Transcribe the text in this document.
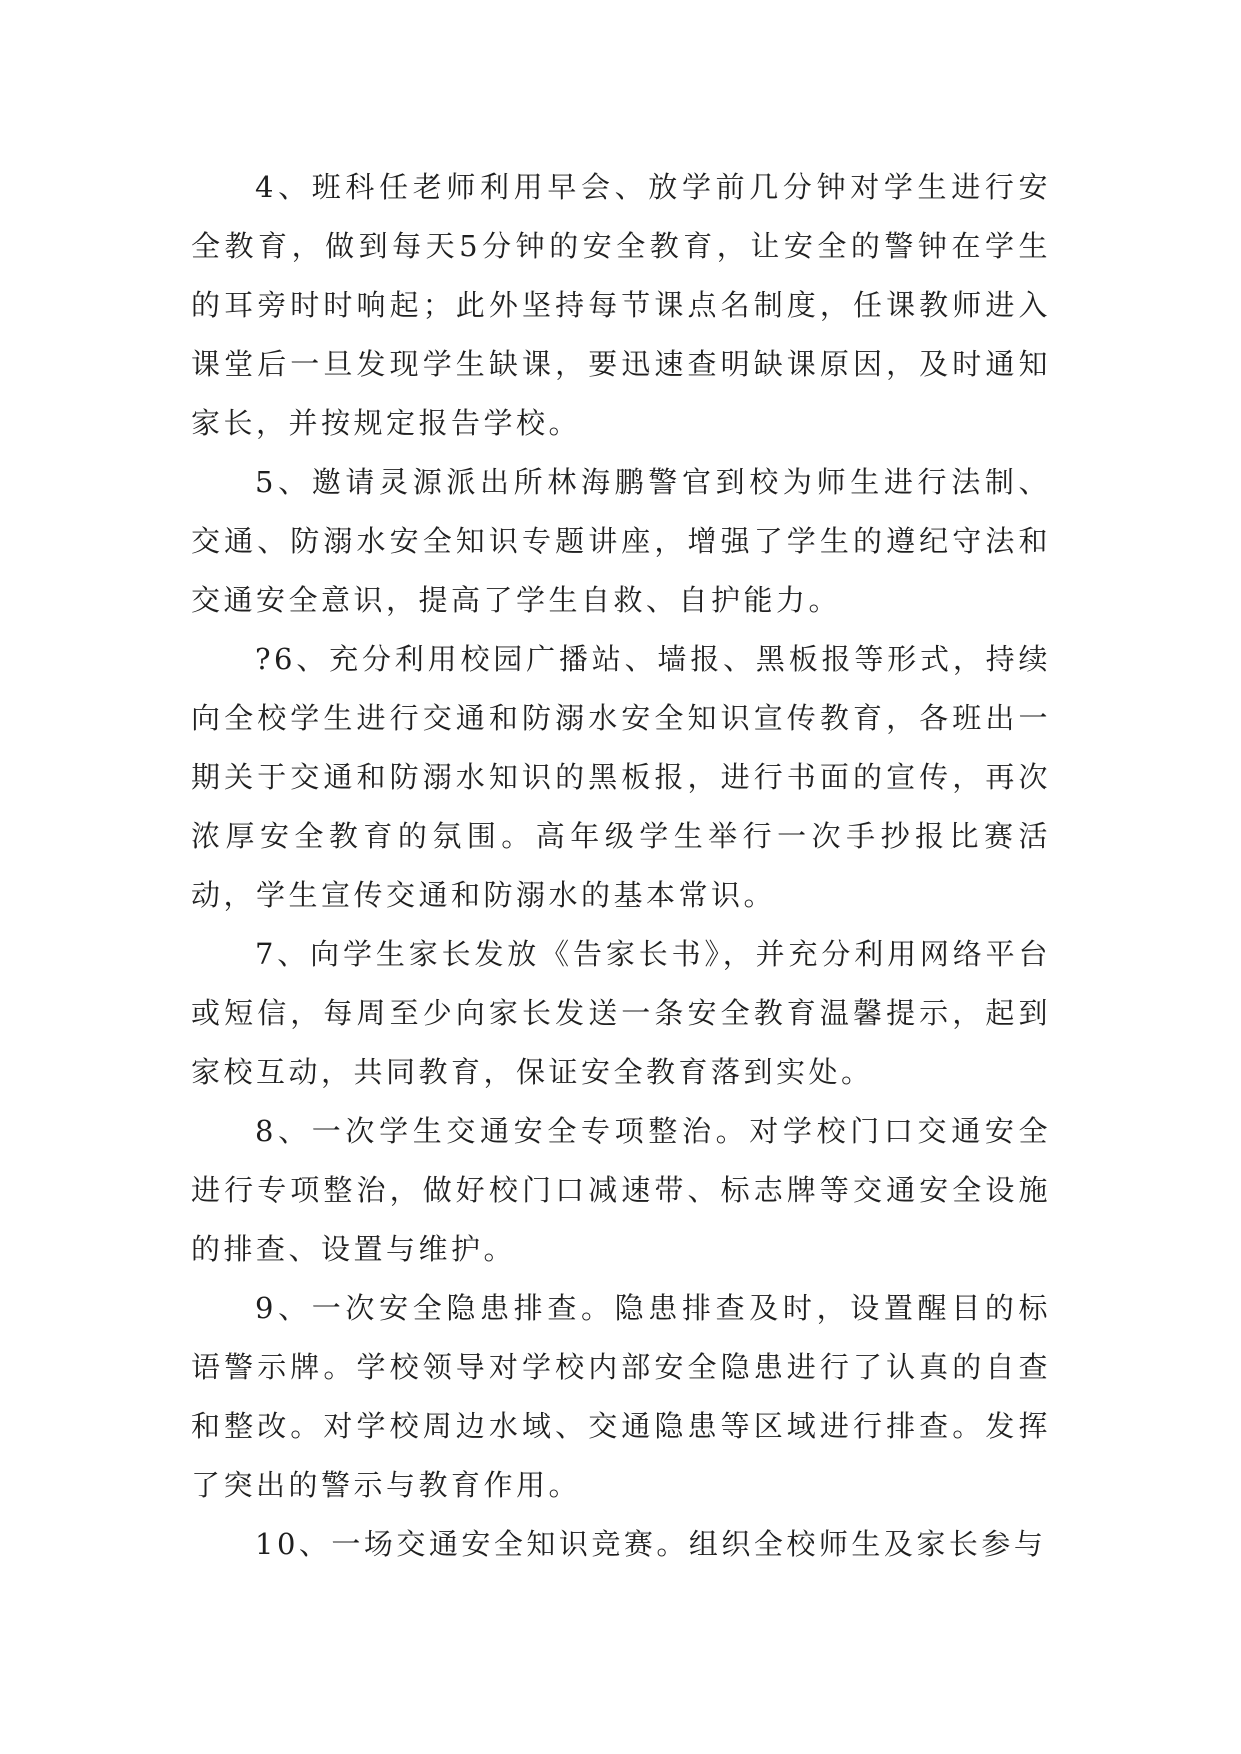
4、班科任老师利用早会、放学前几分钟对学生进行安全教育，做到每天5分钟的安全教育，让安全的警钟在学生的耳旁时时响起；此外坚持每节课点名制度，任课教师进入课堂后一旦发现学生缺课，要迅速查明缺课原因，及时通知家长，并按规定报告学校。

5、邀请灵源派出所林海鹏警官到校为师生进行法制、交通、防溺水安全知识专题讲座，增强了学生的遵纪守法和交通安全意识，提高了学生自救、自护能力。

?6、充分利用校园广播站、墙报、黑板报等形式，持续向全校学生进行交通和防溺水安全知识宣传教育，各班出一期关于交通和防溺水知识的黑板报，进行书面的宣传，再次浓厚安全教育的氛围。高年级学生举行一次手抄报比赛活动，学生宣传交通和防溺水的基本常识。

7、向学生家长发放《告家长书》，并充分利用网络平台或短信，每周至少向家长发送一条安全教育温馨提示，起到家校互动，共同教育，保证安全教育落到实处。

8、一次学生交通安全专项整治。对学校门口交通安全进行专项整治，做好校门口减速带、标志牌等交通安全设施的排查、设置与维护。

9、一次安全隐患排查。隐患排查及时，设置醒目的标语警示牌。学校领导对学校内部安全隐患进行了认真的自查和整改。对学校周边水域、交通隐患等区域进行排查。发挥了突出的警示与教育作用。

10、一场交通安全知识竞赛。组织全校师生及家长参与
